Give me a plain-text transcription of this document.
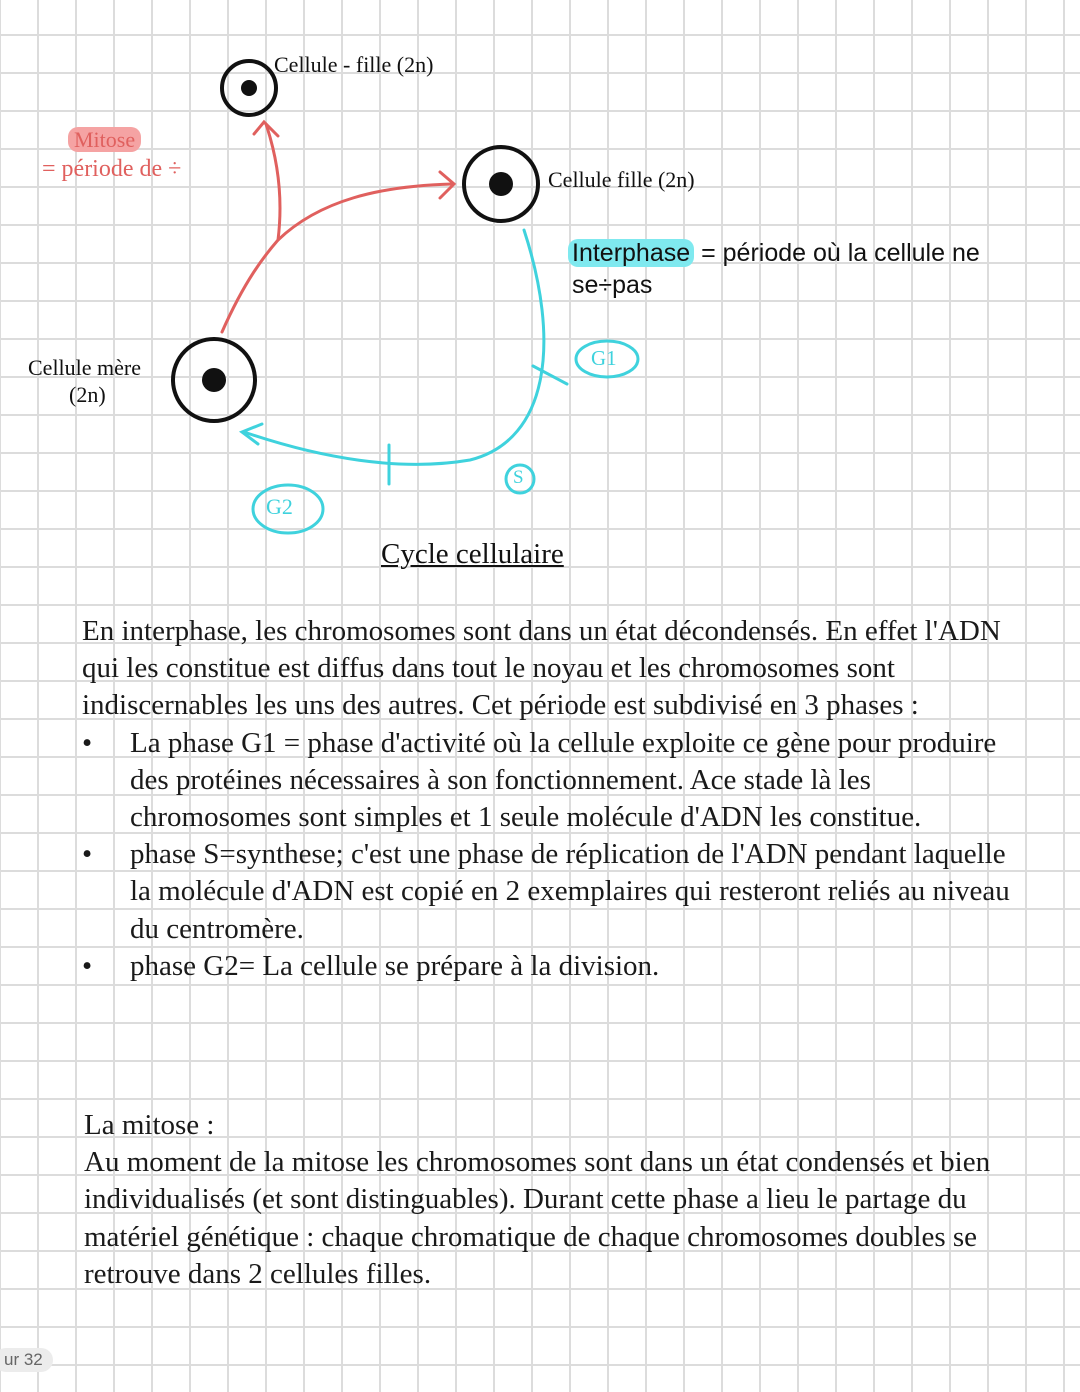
Cellule - fille (2n)
Cellule fille (2n)
Cellule mère
(2n)
Mitose
= période de ÷
Interphase = période où la cellule ne
se÷pas
G1
S
G2
Cycle cellulaire
En interphase, les chromosomes sont dans un état décondensés. En effet l'ADN qui les constitue est diffus dans tout le noyau et les chromosomes sont indiscernables les uns des autres. Cet période est subdivisé en 3 phases :
• La phase G1 = phase d'activité où la cellule exploite ce gène pour produire des protéines nécessaires à son fonctionnement. Ace stade là les chromosomes sont simples et 1 seule molécule d'ADN les constitue.
• phase S=synthese; c'est une phase de réplication de l'ADN pendant laquelle la molécule d'ADN est copié en 2 exemplaires qui resteront reliés au niveau du centromère.
• phase G2= La cellule se prépare à la division.
La mitose :
Au moment de la mitose les chromosomes sont dans un état condensés et bien individualisés (et sont distinguables). Durant cette phase a lieu le partage du matériel génétique : chaque chromatique de chaque chromosomes doubles se retrouve dans 2 cellules filles.
ur 32
